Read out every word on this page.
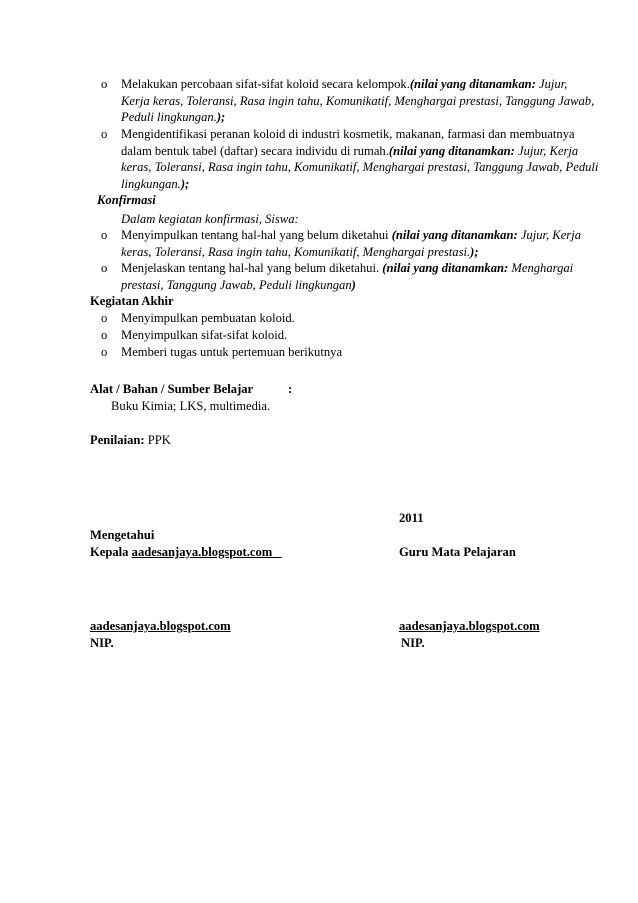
o Melakukan percobaan sifat-sifat koloid secara kelompok.(nilai yang ditanamkan: Jujur, Kerja keras, Toleransi, Rasa ingin tahu, Komunikatif, Menghargai prestasi, Tanggung Jawab, Peduli lingkungan.);
o Mengidentifikasi peranan koloid di industri kosmetik, makanan, farmasi dan membuatnya dalam bentuk tabel (daftar) secara individu di rumah.(nilai yang ditanamkan: Jujur, Kerja keras, Toleransi, Rasa ingin tahu, Komunikatif, Menghargai prestasi, Tanggung Jawab, Peduli lingkungan.);
Konfirmasi
Dalam kegiatan konfirmasi, Siswa:
o Menyimpulkan tentang hal-hal yang belum diketahui (nilai yang ditanamkan: Jujur, Kerja keras, Toleransi, Rasa ingin tahu, Komunikatif, Menghargai prestasi.);
o Menjelaskan tentang hal-hal yang belum diketahui. (nilai yang ditanamkan: Menghargai prestasi, Tanggung Jawab, Peduli lingkungan)
Kegiatan Akhir
o Menyimpulkan pembuatan koloid.
o Menyimpulkan sifat-sifat koloid.
o Memberi tugas untuk pertemuan berikutnya
Alat / Bahan / Sumber Belajar	:
Buku Kimia; LKS, multimedia.
Penilaian: PPK
2011
Mengetahui
Kepala aadesanjaya.blogspot.com	Guru Mata Pelajaran
aadesanjaya.blogspot.com	aadesanjaya.blogspot.com
NIP.	NIP.
